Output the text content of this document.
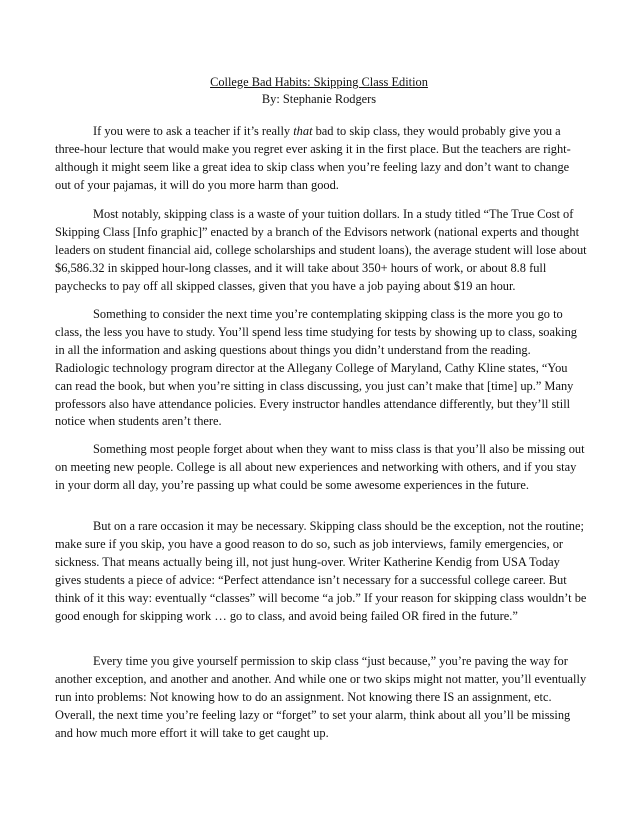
College Bad Habits: Skipping Class Edition
By: Stephanie Rodgers

If you were to ask a teacher if it’s really that bad to skip class, they would probably give you a three-hour lecture that would make you regret ever asking it in the first place. But the teachers are right-although it might seem like a great idea to skip class when you’re feeling lazy and don’t want to change out of your pajamas, it will do you more harm than good.

Most notably, skipping class is a waste of your tuition dollars. In a study titled “The True Cost of Skipping Class [Info graphic]” enacted by a branch of the Edvisors network (national experts and thought leaders on student financial aid, college scholarships and student loans), the average student will lose about $6,586.32 in skipped hour-long classes, and it will take about 350+ hours of work, or about 8.8 full paychecks to pay off all skipped classes, given that you have a job paying about $19 an hour.

Something to consider the next time you’re contemplating skipping class is the more you go to class, the less you have to study. You’ll spend less time studying for tests by showing up to class, soaking in all the information and asking questions about things you didn’t understand from the reading. Radiologic technology program director at the Allegany College of Maryland, Cathy Kline states, “You can read the book, but when you’re sitting in class discussing, you just can’t make that [time] up.” Many professors also have attendance policies. Every instructor handles attendance differently, but they’ll still notice when students aren’t there.

Something most people forget about when they want to miss class is that you’ll also be missing out on meeting new people. College is all about new experiences and networking with others, and if you stay in your dorm all day, you’re passing up what could be some awesome experiences in the future.

But on a rare occasion it may be necessary. Skipping class should be the exception, not the routine; make sure if you skip, you have a good reason to do so, such as job interviews, family emergencies, or sickness. That means actually being ill, not just hung-over. Writer Katherine Kendig from USA Today gives students a piece of advice: “Perfect attendance isn’t necessary for a successful college career. But think of it this way: eventually “classes” will become “a job.” If your reason for skipping class wouldn’t be good enough for skipping work … go to class, and avoid being failed OR fired in the future.”

Every time you give yourself permission to skip class “just because,” you’re paving the way for another exception, and another and another. And while one or two skips might not matter, you’ll eventually run into problems: Not knowing how to do an assignment. Not knowing there IS an assignment, etc. Overall, the next time you’re feeling lazy or “forget” to set your alarm, think about all you’ll be missing and how much more effort it will take to get caught up.
